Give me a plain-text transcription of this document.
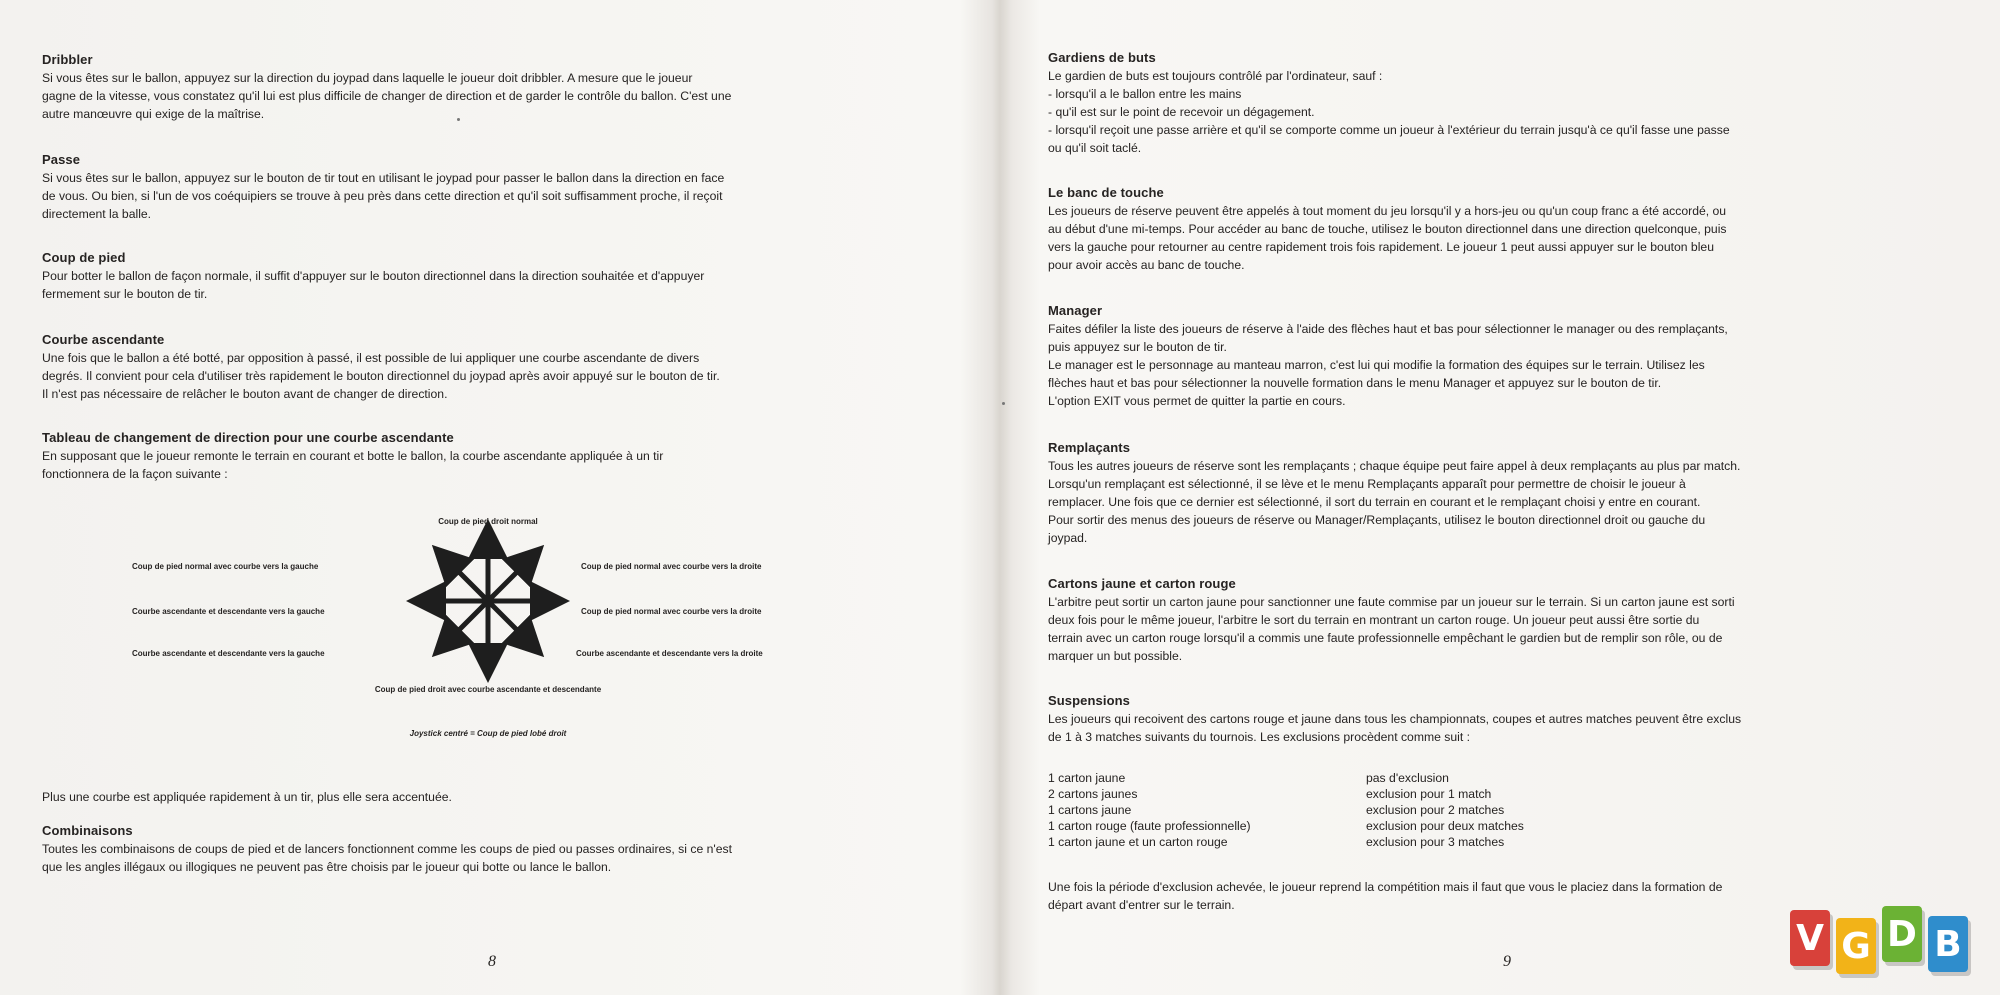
Dribbler

Si vous êtes sur le ballon, appuyez sur la direction du joypad dans laquelle le joueur doit dribbler. A mesure que le joueur

gagne de la vitesse, vous constatez qu'il lui est plus difficile de changer de direction et de garder le contrôle du ballon. C'est une

autre manœuvre qui exige de la maîtrise.

Passe

Si vous êtes sur le ballon, appuyez sur le bouton de tir tout en utilisant le joypad pour passer le ballon dans la direction en face

de vous. Ou bien, si l'un de vos coéquipiers se trouve à peu près dans cette direction et qu'il soit suffisamment proche, il reçoit

directement la balle.

Coup de pied

Pour botter le ballon de façon normale, il suffit d'appuyer sur le bouton directionnel dans la direction souhaitée et d'appuyer

fermement sur le bouton de tir.

Courbe ascendante

Une fois que le ballon a été botté, par opposition à passé, il est possible de lui appliquer une courbe ascendante de divers

degrés. Il convient pour cela d'utiliser très rapidement le bouton directionnel du joypad après avoir appuyé sur le bouton de tir.

Il n'est pas nécessaire de relâcher le bouton avant de changer de direction.

Tableau de changement de direction pour une courbe ascendante

En supposant que le joueur remonte le terrain en courant et botte le ballon, la courbe ascendante appliquée à un tir

fonctionnera de la façon suivante :

Coup de pied droit normal
Coup de pied normal avec courbe vers la gauche
Courbe ascendante et descendante vers la gauche
Courbe ascendante et descendante vers la gauche
Coup de pied normal avec courbe vers la droite
Coup de pied normal avec courbe vers la droite
Courbe ascendante et descendante vers la droite
Coup de pied droit avec courbe ascendante et descendante
Joystick centré = Coup de pied lobé droit

Plus une courbe est appliquée rapidement à un tir, plus elle sera accentuée.

Combinaisons

Toutes les combinaisons de coups de pied et de lancers fonctionnent comme les coups de pied ou passes ordinaires, si ce n'est

que les angles illégaux ou illogiques ne peuvent pas être choisis par le joueur qui botte ou lance le ballon.

8
Gardiens de buts

Le gardien de buts est toujours contrôlé par l'ordinateur, sauf :

- lorsqu'il a le ballon entre les mains

- qu'il est sur le point de recevoir un dégagement.

- lorsqu'il reçoit une passe arrière et qu'il se comporte comme un joueur à l'extérieur du terrain jusqu'à ce qu'il fasse une passe

ou qu'il soit taclé.

Le banc de touche

Les joueurs de réserve peuvent être appelés à tout moment du jeu lorsqu'il y a hors-jeu ou qu'un coup franc a été accordé, ou

au début d'une mi-temps. Pour accéder au banc de touche, utilisez le bouton directionnel dans une direction quelconque, puis

vers la gauche pour retourner au centre rapidement trois fois rapidement. Le joueur 1 peut aussi appuyer sur le bouton bleu

pour avoir accès au banc de touche.

Manager

Faites défiler la liste des joueurs de réserve à l'aide des flèches haut et bas pour sélectionner le manager ou des remplaçants,

puis appuyez sur le bouton de tir.

Le manager est le personnage au manteau marron, c'est lui qui modifie la formation des équipes sur le terrain. Utilisez les

flèches haut et bas pour sélectionner la nouvelle formation dans le menu Manager et appuyez sur le bouton de tir.

L'option EXIT vous permet de quitter la partie en cours.

Remplaçants

Tous les autres joueurs de réserve sont les remplaçants ; chaque équipe peut faire appel à deux remplaçants au plus par match.

Lorsqu'un remplaçant est sélectionné, il se lève et le menu Remplaçants apparaît pour permettre de choisir le joueur à

remplacer. Une fois que ce dernier est sélectionné, il sort du terrain en courant et le remplaçant choisi y entre en courant.

Pour sortir des menus des joueurs de réserve ou Manager/Remplaçants, utilisez le bouton directionnel droit ou gauche du

joypad.

Cartons jaune et carton rouge

L'arbitre peut sortir un carton jaune pour sanctionner une faute commise par un joueur sur le terrain. Si un carton jaune est sorti

deux fois pour le même joueur, l'arbitre le sort du terrain en montrant un carton rouge. Un joueur peut aussi être sortie du

terrain avec un carton rouge lorsqu'il a commis une faute professionnelle empêchant le gardien but de remplir son rôle, ou de

marquer un but possible.

Suspensions

Les joueurs qui recoivent des cartons rouge et jaune dans tous les championnats, coupes et autres matches peuvent être exclus

de 1 à 3 matches suivants du tournois. Les exclusions procèdent comme suit :

1 carton jaune	pas d'exclusion
2 cartons jaunes	exclusion pour 1 match
1 cartons jaune	exclusion pour 2 matches
1 carton rouge (faute professionnelle)	exclusion pour deux matches
1 carton jaune et un carton rouge	exclusion pour 3 matches

Une fois la période d'exclusion achevée, le joueur reprend la compétition mais il faut que vous le placiez dans la formation de

départ avant d'entrer sur le terrain.

9
V G D B
